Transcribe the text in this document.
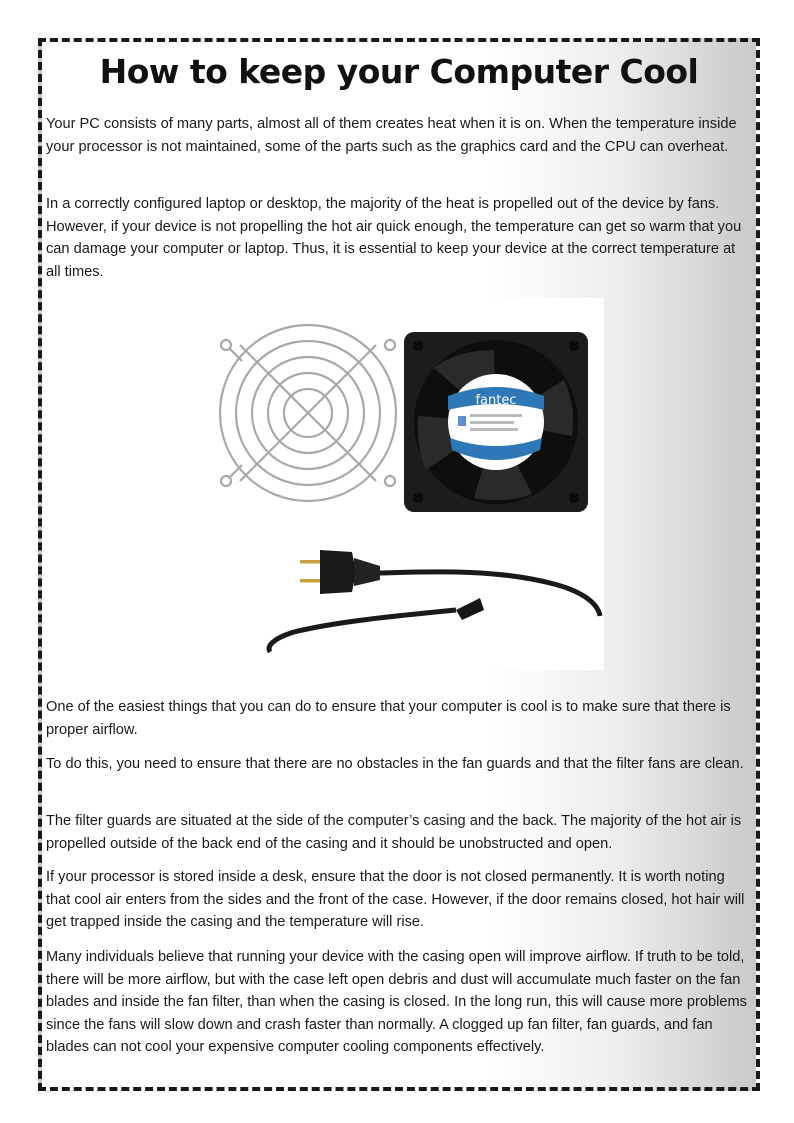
How to keep your Computer Cool

Your PC consists of many parts, almost all of them creates heat when it is on. When the temperature inside your processor is not maintained, some of the parts such as the graphics card and the CPU can overheat.

In a correctly configured laptop or desktop, the majority of the heat is propelled out of the device by fans. However, if your device is not propelling the hot air quick enough, the temperature can get so warm that you can damage your computer or laptop. Thus, it is essential to keep your device at the correct temperature at all times.

fantec

One of the easiest things that you can do to ensure that your computer is cool is to make sure that there is proper airflow.

To do this, you need to ensure that there are no obstacles in the fan guards and that the filter fans are clean.

The filter guards are situated at the side of the computer’s casing and the back. The majority of the hot air is propelled outside of the back end of the casing and it should be unobstructed and open.

If your processor is stored inside a desk, ensure that the door is not closed permanently. It is worth noting that cool air enters from the sides and the front of the case. However, if the door remains closed, hot hair will get trapped inside the casing and the temperature will rise.

Many individuals believe that running your device with the casing open will improve airflow. If truth to be told, there will be more airflow, but with the case left open debris and dust will accumulate much faster on the fan blades and inside the fan filter, than when the casing is closed. In the long run, this will cause more problems since the fans will slow down and crash faster than normally. A clogged up fan filter, fan guards, and fan blades can not cool your expensive computer cooling components effectively.
